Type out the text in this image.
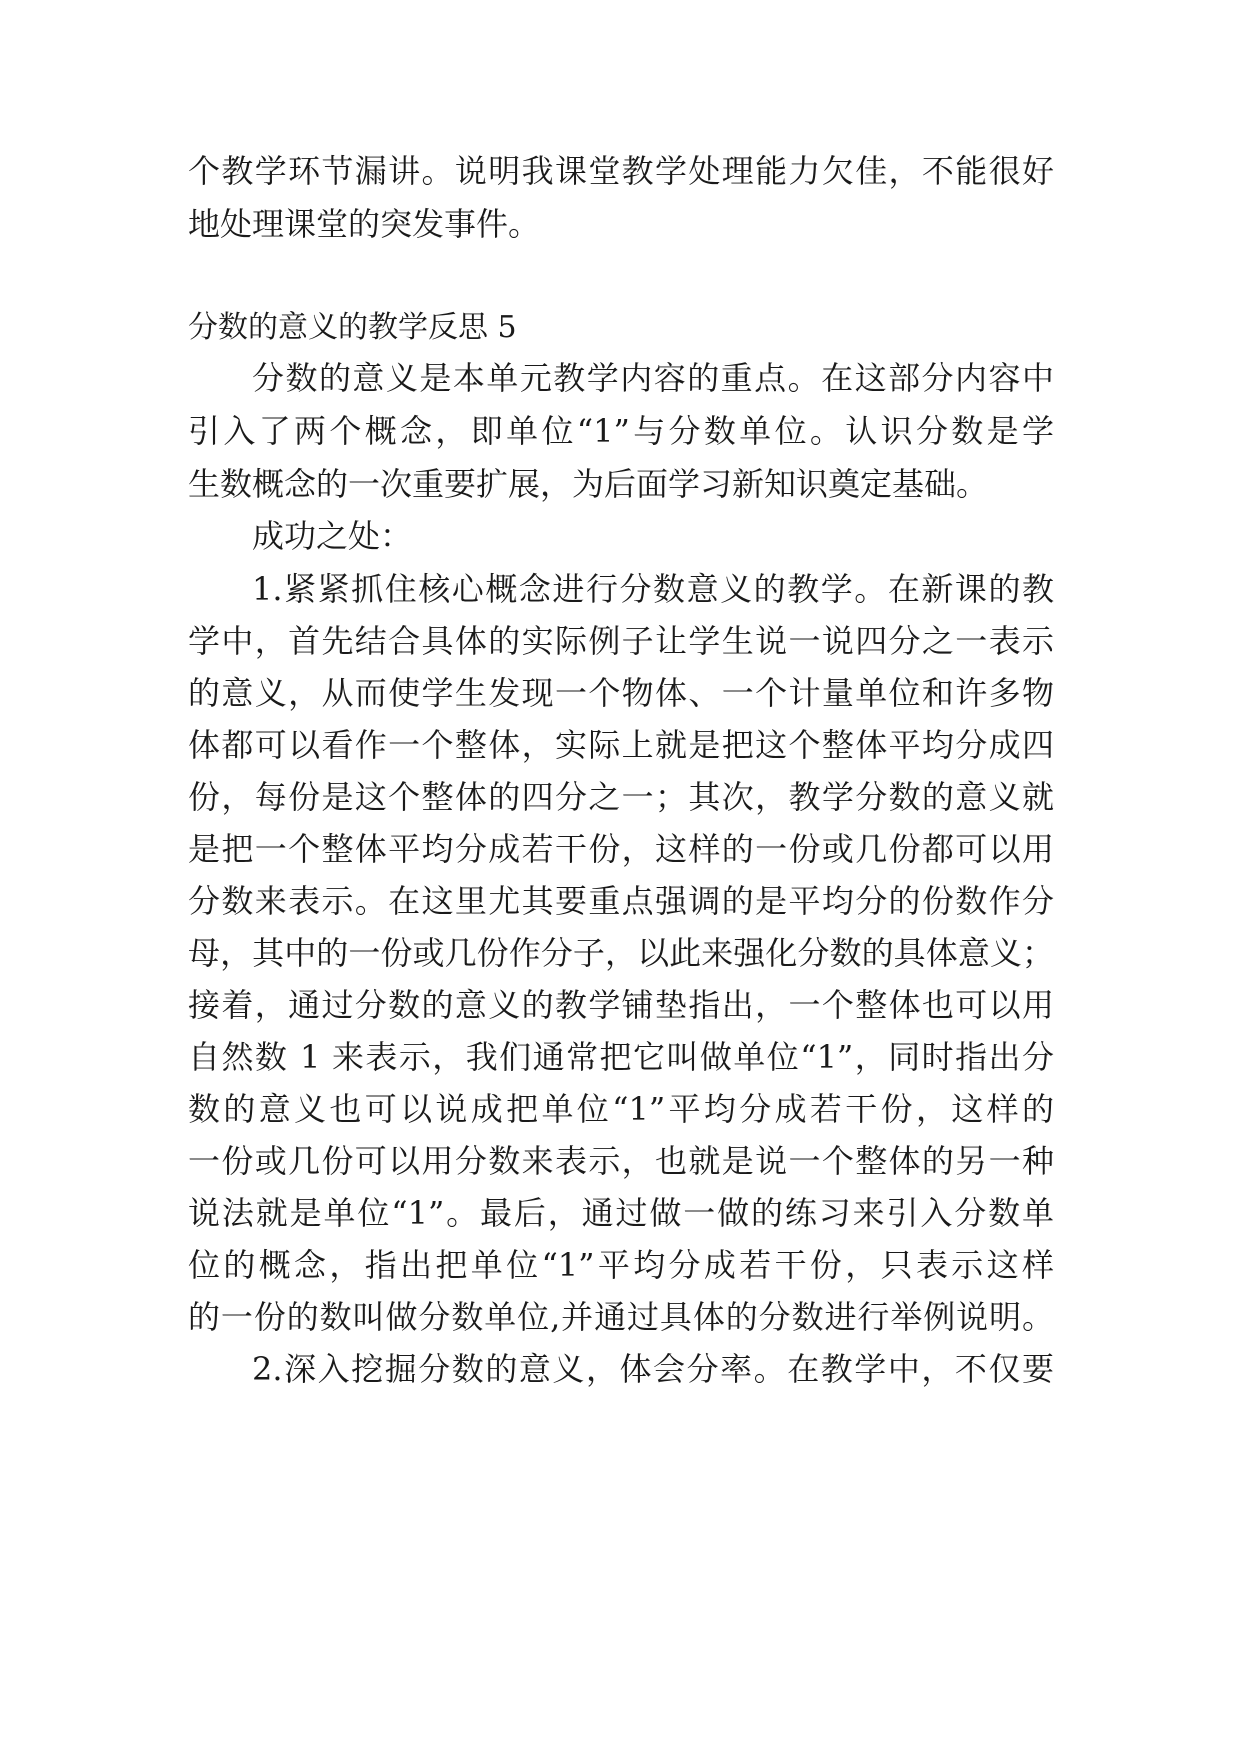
个教学环节漏讲。说明我课堂教学处理能力欠佳，不能很好
地处理课堂的突发事件。
分数的意义的教学反思 5
分数的意义是本单元教学内容的重点。在这部分内容中
引入了两个概念，即单位“1”与分数单位。认识分数是学
生数概念的一次重要扩展，为后面学习新知识奠定基础。
成功之处：
1.紧紧抓住核心概念进行分数意义的教学。在新课的教
学中，首先结合具体的实际例子让学生说一说四分之一表示
的意义，从而使学生发现一个物体、一个计量单位和许多物
体都可以看作一个整体，实际上就是把这个整体平均分成四
份，每份是这个整体的四分之一；其次，教学分数的意义就
是把一个整体平均分成若干份，这样的一份或几份都可以用
分数来表示。在这里尤其要重点强调的是平均分的份数作分
母，其中的一份或几份作分子，以此来强化分数的具体意义；
接着，通过分数的意义的教学铺垫指出，一个整体也可以用
自然数 1 来表示，我们通常把它叫做单位“1”，同时指出分
数的意义也可以说成把单位“1”平均分成若干份，这样的
一份或几份可以用分数来表示，也就是说一个整体的另一种
说法就是单位“1”。最后，通过做一做的练习来引入分数单
位的概念，指出把单位“1”平均分成若干份，只表示这样
的一份的数叫做分数单位,并通过具体的分数进行举例说明。
2.深入挖掘分数的意义，体会分率。在教学中，不仅要
